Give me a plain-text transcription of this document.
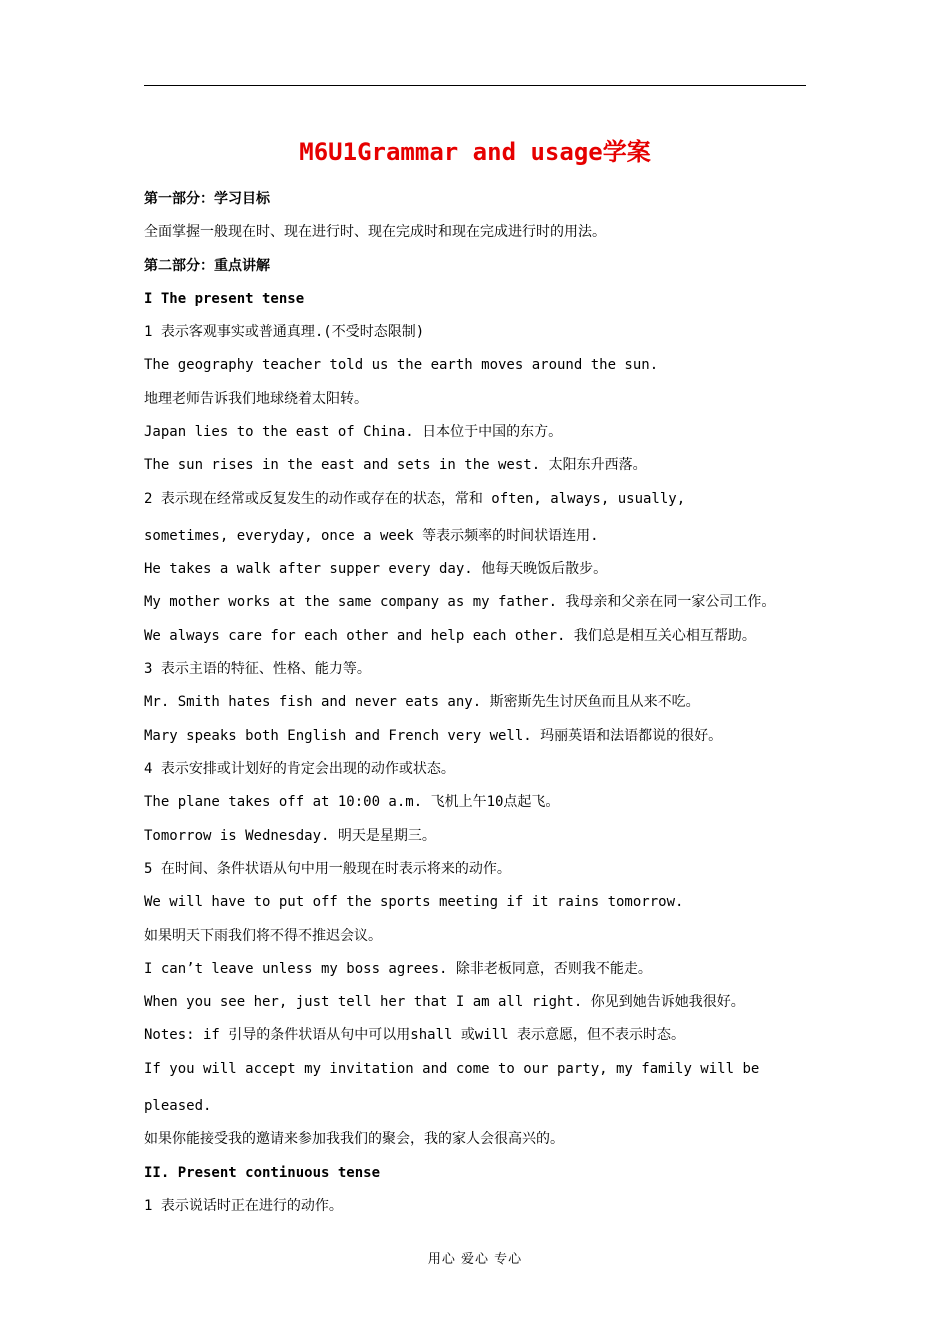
M6U1Grammar and usage学案
第一部分：学习目标
全面掌握一般现在时、现在进行时、现在完成时和现在完成进行时的用法。
第二部分：重点讲解
I The present tense
1 表示客观事实或普通真理.(不受时态限制)
The geography teacher told us the earth moves around the sun.
地理老师告诉我们地球绕着太阳转。
Japan lies to the east of China. 日本位于中国的东方。
The sun rises in the east and sets in the west. 太阳东升西落。
2 表示现在经常或反复发生的动作或存在的状态，常和 often, always, usually,
sometimes, everyday, once a week 等表示频率的时间状语连用.
He takes a walk after supper every day. 他每天晚饭后散步。
My mother works at the same company as my father. 我母亲和父亲在同一家公司工作。
We always care for each other and help each other. 我们总是相互关心相互帮助。
3 表示主语的特征、性格、能力等。
Mr. Smith hates fish and never eats any. 斯密斯先生讨厌鱼而且从来不吃。
Mary speaks both English and French very well. 玛丽英语和法语都说的很好。
4 表示安排或计划好的肯定会出现的动作或状态。
The plane takes off at 10:00 a.m. 飞机上午10点起飞。
Tomorrow is Wednesday. 明天是星期三。
5 在时间、条件状语从句中用一般现在时表示将来的动作。
We will have to put off the sports meeting if it rains tomorrow.
如果明天下雨我们将不得不推迟会议。
I can’t leave unless my boss agrees. 除非老板同意，否则我不能走。
When you see her, just tell her that I am all right. 你见到她告诉她我很好。
Notes: if 引导的条件状语从句中可以用shall 或will 表示意愿，但不表示时态。
If you will accept my invitation and come to our party, my family will be
pleased.
如果你能接受我的邀请来参加我我们的聚会，我的家人会很高兴的。
II. Present continuous tense
1 表示说话时正在进行的动作。
用心 爱心 专心
